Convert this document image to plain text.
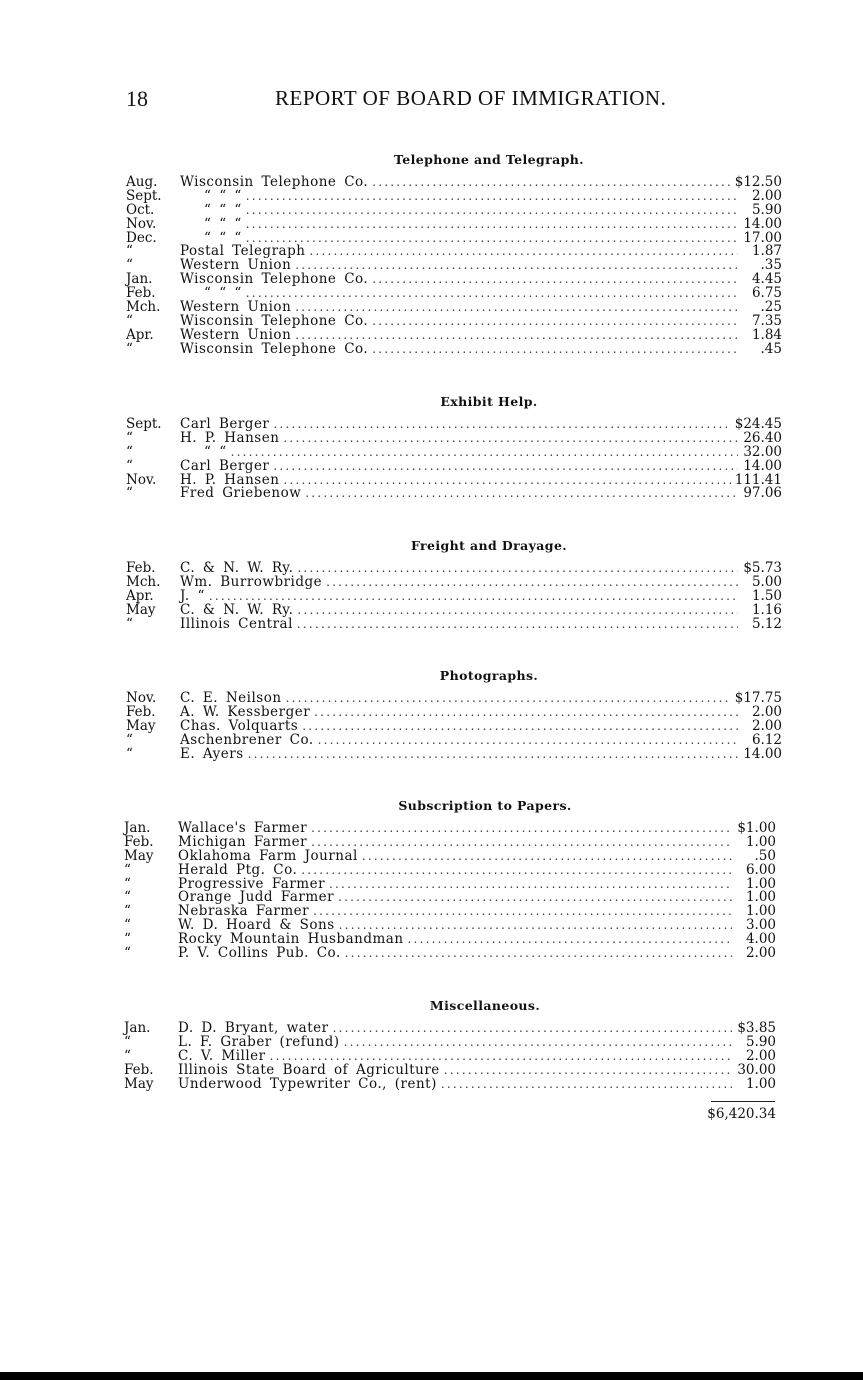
18	REPORT OF BOARD OF IMMIGRATION.
Telephone and Telegraph.
Aug.	Wisconsin Telephone Co. .....	$12.50
Sept.	“ “ “ .....	2.00
Oct.	“ “ “ .....	5.90
Nov.	“ “ “ .....	14.00
Dec.	“ “ “ .....	17.00
“	Postal Telegraph .....	1.87
“	Western Union .....	.35
Jan.	Wisconsin Telephone Co. .....	4.45
Feb.	“ “ “ .....	6.75
Mch.	Western Union .....	.25
“	Wisconsin Telephone Co. .....	7.35
Apr.	Western Union .....	1.84
“	Wisconsin Telephone Co. .....	.45
Exhibit Help.
Sept.	Carl Berger .....	$24.45
“	H. P. Hansen .....	26.40
“	“ “ .....	32.00
“	Carl Berger .....	14.00
Nov.	H. P. Hansen .....	111.41
“	Fred Griebenow .....	97.06
Freight and Drayage.
Feb.	C. & N. W. Ry. .....	$5.73
Mch.	Wm. Burrowbridge .....	5.00
Apr.	J. “ .....	1.50
May	C. & N. W. Ry. .....	1.16
“	Illinois Central .....	5.12
Photographs.
Nov.	C. E. Neilson .....	$17.75
Feb.	A. W. Kessberger .....	2.00
May	Chas. Volquarts .....	2.00
“	Aschenbrener Co. .....	6.12
“	E. Ayers .....	14.00
Subscription to Papers.
Jan.	Wallace's Farmer .....	$1.00
Feb.	Michigan Farmer .....	1.00
May	Oklahoma Farm Journal .....	.50
“	Herald Ptg. Co. .....	6.00
“	Progressive Farmer .....	1.00
“	Orange Judd Farmer .....	1.00
“	Nebraska Farmer .....	1.00
“	W. D. Hoard & Sons .....	3.00
“	Rocky Mountain Husbandman .....	4.00
“	P. V. Collins Pub. Co. .....	2.00
Miscellaneous.
Jan.	D. D. Bryant, water .....	$3.85
“	L. F. Graber (refund) .....	5.90
“	C. V. Miller .....	2.00
Feb.	Illinois State Board of Agriculture .....	30.00
May	Underwood Typewriter Co., (rent) .....	1.00
$6,420.34
